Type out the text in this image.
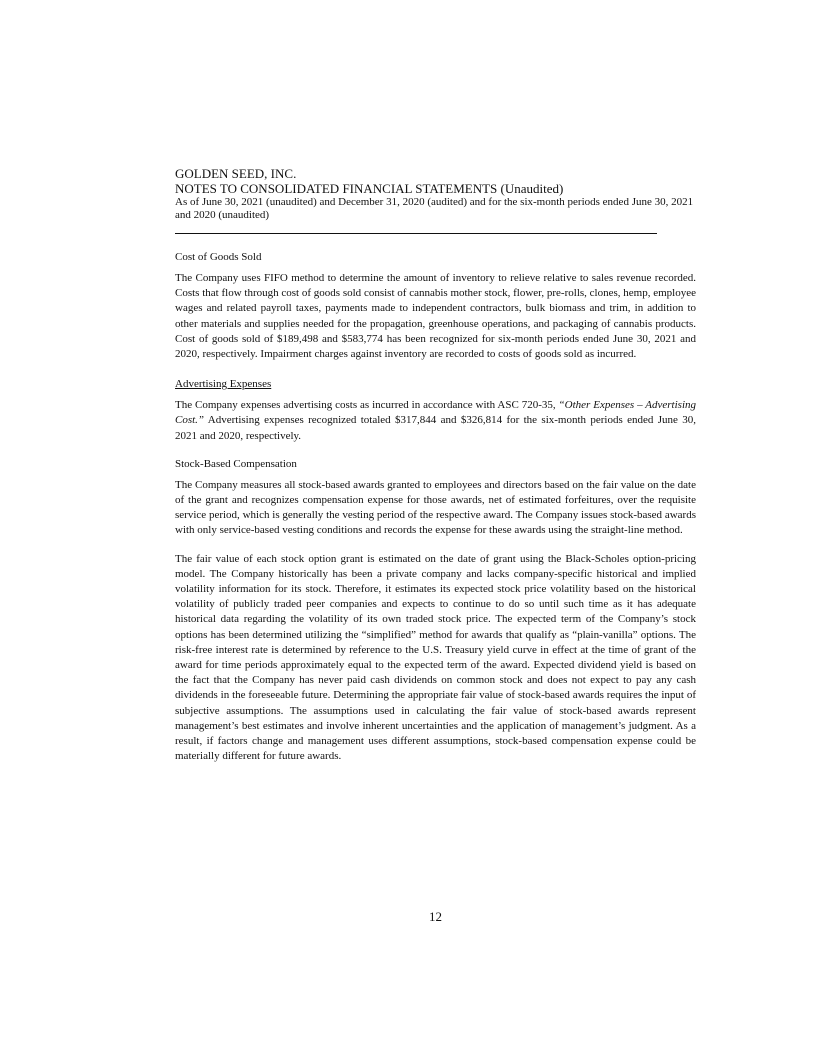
GOLDEN SEED, INC.
NOTES TO CONSOLIDATED FINANCIAL STATEMENTS (Unaudited)
As of June 30, 2021 (unaudited) and December 31, 2020 (audited) and for the six-month periods ended June 30, 2021 and 2020 (unaudited)
Cost of Goods Sold

The Company uses FIFO method to determine the amount of inventory to relieve relative to sales revenue recorded. Costs that flow through cost of goods sold consist of cannabis mother stock, flower, pre-rolls, clones, hemp, employee wages and related payroll taxes, payments made to independent contractors, bulk biomass and trim, in addition to other materials and supplies needed for the propagation, greenhouse operations, and packaging of cannabis products. Cost of goods sold of $189,498 and $583,774 has been recognized for six-month periods ended June 30, 2021 and 2020, respectively. Impairment charges against inventory are recorded to costs of goods sold as incurred.

Advertising Expenses

The Company expenses advertising costs as incurred in accordance with ASC 720-35, “Other Expenses – Advertising Cost.” Advertising expenses recognized totaled $317,844 and $326,814 for the six-month periods ended June 30, 2021 and 2020, respectively.

Stock-Based Compensation

The Company measures all stock-based awards granted to employees and directors based on the fair value on the date of the grant and recognizes compensation expense for those awards, net of estimated forfeitures, over the requisite service period, which is generally the vesting period of the respective award. The Company issues stock-based awards with only service-based vesting conditions and records the expense for these awards using the straight-line method.

The fair value of each stock option grant is estimated on the date of grant using the Black-Scholes option-pricing model. The Company historically has been a private company and lacks company-specific historical and implied volatility information for its stock. Therefore, it estimates its expected stock price volatility based on the historical volatility of publicly traded peer companies and expects to continue to do so until such time as it has adequate historical data regarding the volatility of its own traded stock price. The expected term of the Company’s stock options has been determined utilizing the “simplified” method for awards that qualify as “plain-vanilla” options. The risk-free interest rate is determined by reference to the U.S. Treasury yield curve in effect at the time of grant of the award for time periods approximately equal to the expected term of the award. Expected dividend yield is based on the fact that the Company has never paid cash dividends on common stock and does not expect to pay any cash dividends in the foreseeable future. Determining the appropriate fair value of stock-based awards requires the input of subjective assumptions. The assumptions used in calculating the fair value of stock-based awards represent management’s best estimates and involve inherent uncertainties and the application of management’s judgment. As a result, if factors change and management uses different assumptions, stock-based compensation expense could be materially different for future awards.

12
